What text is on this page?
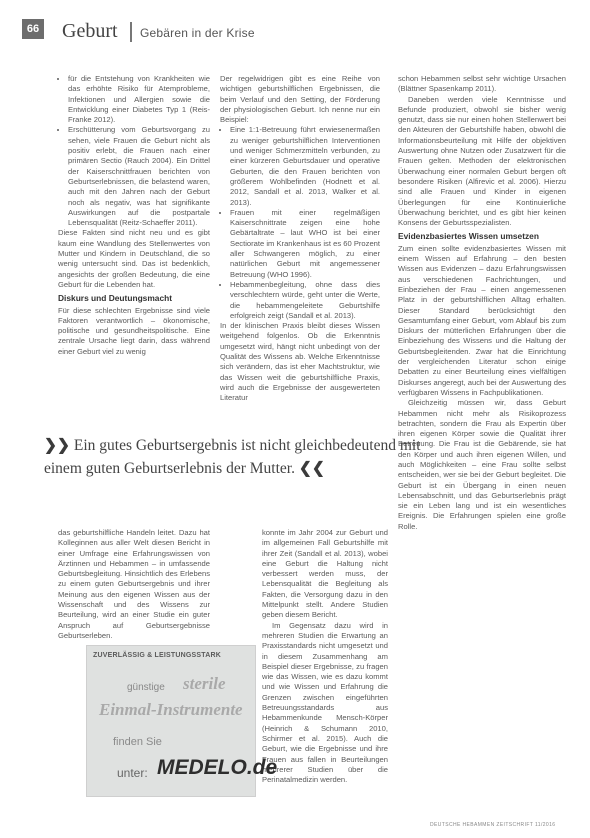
66 Geburt Gebären in der Krise
• für die Entstehung von Krankheiten wie das erhöhte Risiko für Atemprobleme, Infektionen und Allergien sowie die Entwicklung einer Diabetes Typ 1 (Reis-Franke 2012).
• Erschütterung vom Geburtsvorgang zu sehen, viele Frauen die Geburt nicht als positiv erlebt, die Frauen nach einer primären Sectio (Rauch 2004). Ein Drittel der Kaiserschnittfrauen berichten von Geburtserlebnissen, die belastend waren, auch mit den Jahren nach der Geburt noch als negativ, was hat signifikante Auswirkungen auf die postpartale Lebensqualität (Reitz-Schaeffer 2011).

Diese Fakten sind nicht neu und es gibt kaum eine Wandlung des Stellenwertes von Mutter und Kindern in Deutschland, die so wenig untersucht sind. Das ist bedenklich, angesichts der großen Bedeutung, die eine Geburt für die Lebenden hat.

Diskurs und Deutungsmacht

Für diese schlechten Ergebnisse sind viele Faktoren verantwortlich – ökonomische, politische und gesundheitspolitische. Eine zentrale Ursache liegt darin, dass während einer Geburt viel zu wenig

Der regelwidrigen gibt es eine Reihe von wichtigen geburtshilflichen Ergebnissen, die beim Verlauf und den Setting, der Förderung der physiologischen Geburt. Ich nenne nur ein Beispiel:

• Eine 1:1-Betreuung führt erwiesenermaßen zu weniger geburtshilflichen Interventionen und weniger Schmerzmitteln verbunden, zu einer kürzeren Geburtsdauer und operative Geburten, die den Frauen berichten von größerem Wohlbefinden (Hodnett et al. 2012, Sandall et al. 2013, Walker et al. 2013).
• Frauen mit einer regelmäßigen Kaiserschnittrate zeigen eine hohe Gebärtaltrate – laut WHO ist bei einer Sectiorate im Krankenhaus ist es 60 Prozent aller Schwangeren möglich, zu einer natürlichen Geburt mit angemessener Betreuung (WHO 1996).
• Hebammenbegleitung, ohne dass dies verschlechtern würde, geht unter die Werte, die hebammengeleitete Geburtshilfe erfolgreich zeigt (Sandall et al. 2013).

In der klinischen Praxis bleibt dieses Wissen weitgehend folgenlos. Ob die Erkenntnis umgesetzt wird, hängt nicht unbedingt von der Qualität des Wissens ab. Welche Erkenntnisse sich verändern, das ist eher Machtstruktur, wie das Wissen weit die geburtshilfliche Praxis, wird auch die Ergebnisse der ausgewerteten Literatur

schon Hebammen selbst sehr wichtige Ursachen (Blättner Spasenkamp 2011).

Daneben werden viele Kenntnisse und Befunde produziert, obwohl sie bisher wenig genutzt, dass sie nur einen hohen Stellenwert bei den Akteuren der Geburtshilfe haben, obwohl die Informationsbeurteilung mit Hilfe der objektiven Auswertung ohne Nutzen oder Zusatzwert für die Frauen gelten. Methoden der elektronischen Überwachung einer normalen Geburt bergen oft besondere Risiken (Alfirevic et al. 2006). Hierzu sind alle Frauen und Kinder in eigenen Überlegungen für eine Kontinuierliche Überwachung berichtet, und es gibt hier keinen Konsens der Geburtsspezialisten.

Evidenzbasiertes Wissen umsetzen

Zum einen sollte evidenzbasiertes Wissen mit einem Wissen auf Erfahrung – den besten Wissen aus Evidenzen – dazu Erfahrungswissen aus verschiedenen Fachrichtungen, und Einbeziehen der Frau – einen angemessenen Platz in der geburtshilflichen Alltag erhalten. Dieser Standard berücksichtigt den Gesamtumfang einer Geburt, vom Ablauf bis zum Diskurs der mütterlichen Erfahrungen über die Einbeziehung des Wissens und die Haltung der Geburtsbegleitenden. Zwar hat die Einrichtung der vergleichenden Literatur schon einige Debatten zu einer Beurteilung eines vielfältigen Diskurses angeregt, auch bei der Auswertung des verfügbaren Wissens in Fachpublikationen.

Gleichzeitig müssen wir, dass Geburt Hebammen nicht mehr als Risikoprozess betrachten, sondern die Frau als Expertin über ihren eigenen Körper sowie die Qualität ihrer Betreuung. Die Frau ist die Gebärende, sie hat den Körper und auch ihren eigenen Willen, und auch Möglichkeiten – eine Frau sollte selbst entscheiden, wer sie bei der Geburt begleitet. Die Geburt ist ein Übergang in einen neuen Lebensabschnitt, und das Geburtserlebnis prägt sie ein Leben lang und ist ein wesentliches Ereignis. Die Erfahrungen spielen eine große Rolle.

❯❯ Ein gutes Geburtsergebnis ist nicht gleichbedeutend mit einem guten Geburtserlebnis der Mutter. ❮❮

das geburtshilfliche Handeln leitet. Dazu hat Kolleginnen aus aller Welt diesen Bericht in einer Umfrage eine Erfahrungswissen von Ärztinnen und Hebammen – in umfassende Geburtsbegleitung. Hinsichtlich des Erlebens zu einem guten Geburtsergebnis und ihrer Meinung aus den eigenen Wissen aus der Wissenschaft und des Wissens zur Beurteilung, wird an einer Studie ein guter Anspruch auf Geburtsergebnisse Geburtserleben.

konnte im Jahr 2004 zur Geburt und im allgemeinen Fall Geburtshilfe mit ihrer Zeit (Sandall et al. 2013), wobei eine Geburt die Haltung nicht verbessert werden muss, der Lebensqualität die Begleitung als Fakten, die Versorgung dazu in den Mittelpunkt stellt. Andere Studien geben diesem Bericht.

Im Gegensatz dazu wird in mehreren Studien die Erwartung an Praxisstandards nicht umgesetzt und in diesem Zusammenhang am Beispiel dieser Ergebnisse, zu fragen wie das Wissen, wie es dazu kommt und wie Wissen und Erfahrung die Grenzen zwischen eingeführten Betreuungsstandards aus Hebammenkunde Mensch-Körper (Heinrich & Schumann 2010, Schirmer et al. 2015). Auch die Geburt, wie die Ergebnisse und ihre Frauen aus fallen in Beurteilungen mehrerer Studien über die Perinatalmedizin werden.

ZUVERLÄSSIG & LEISTUNGSSTARK
günstige sterile
Einmal-Instrumente
finden Sie
unter: MEDELO.de
DEUTSCHE HEBAMMEN ZEITSCHRIFT 11/2016
